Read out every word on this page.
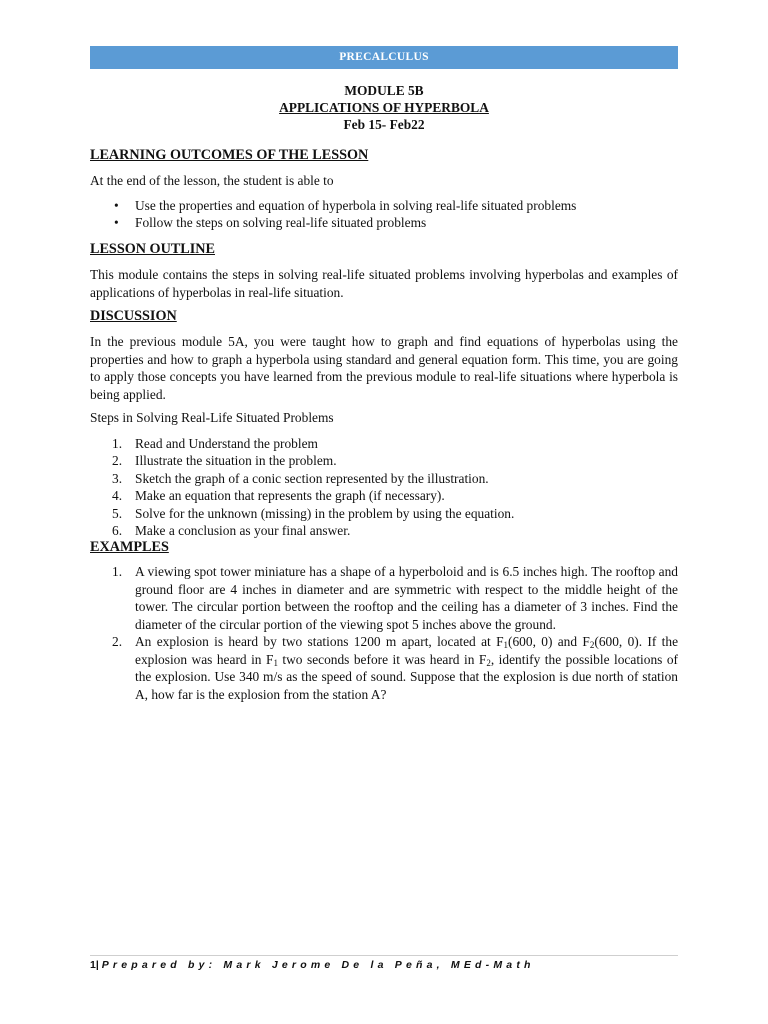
PRECALCULUS
MODULE 5B
APPLICATIONS OF HYPERBOLA
Feb 15- Feb22
LEARNING OUTCOMES OF THE LESSON

At the end of the lesson, the student is able to

• Use the properties and equation of hyperbola in solving real-life situated problems
• Follow the steps on solving real-life situated problems
LESSON OUTLINE

This module contains the steps in solving real-life situated problems involving hyperbolas and examples of applications of hyperbolas in real-life situation.

DISCUSSION

In the previous module 5A, you were taught how to graph and find equations of hyperbolas using the properties and how to graph a hyperbola using standard and general equation form. This time, you are going to apply those concepts you have learned from the previous module to real-life situations where hyperbola is being applied.

Steps in Solving Real-Life Situated Problems

1. Read and Understand the problem
2. Illustrate the situation in the problem.
3. Sketch the graph of a conic section represented by the illustration.
4. Make an equation that represents the graph (if necessary).
5. Solve for the unknown (missing) in the problem by using the equation.
6. Make a conclusion as your final answer.
EXAMPLES
1. A viewing spot tower miniature has a shape of a hyperboloid and is 6.5 inches high. The rooftop and ground floor are 4 inches in diameter and are symmetric with respect to the middle height of the tower. The circular portion between the rooftop and the ceiling has a diameter of 3 inches. Find the diameter of the circular portion of the viewing spot 5 inches above the ground.
2. An explosion is heard by two stations 1200 m apart, located at $F_1(600$, 0) and $F_2(600$, 0). If the explosion was heard in $F_1$ two seconds before it was heard in $F_2$, identify the possible locations of the explosion. Use 340 m/s as the speed of sound. Suppose that the explosion is due north of station A, how far is the explosion from the station A?
1| Prepared by: Mark Jerome De la Peña, MEd-Math
